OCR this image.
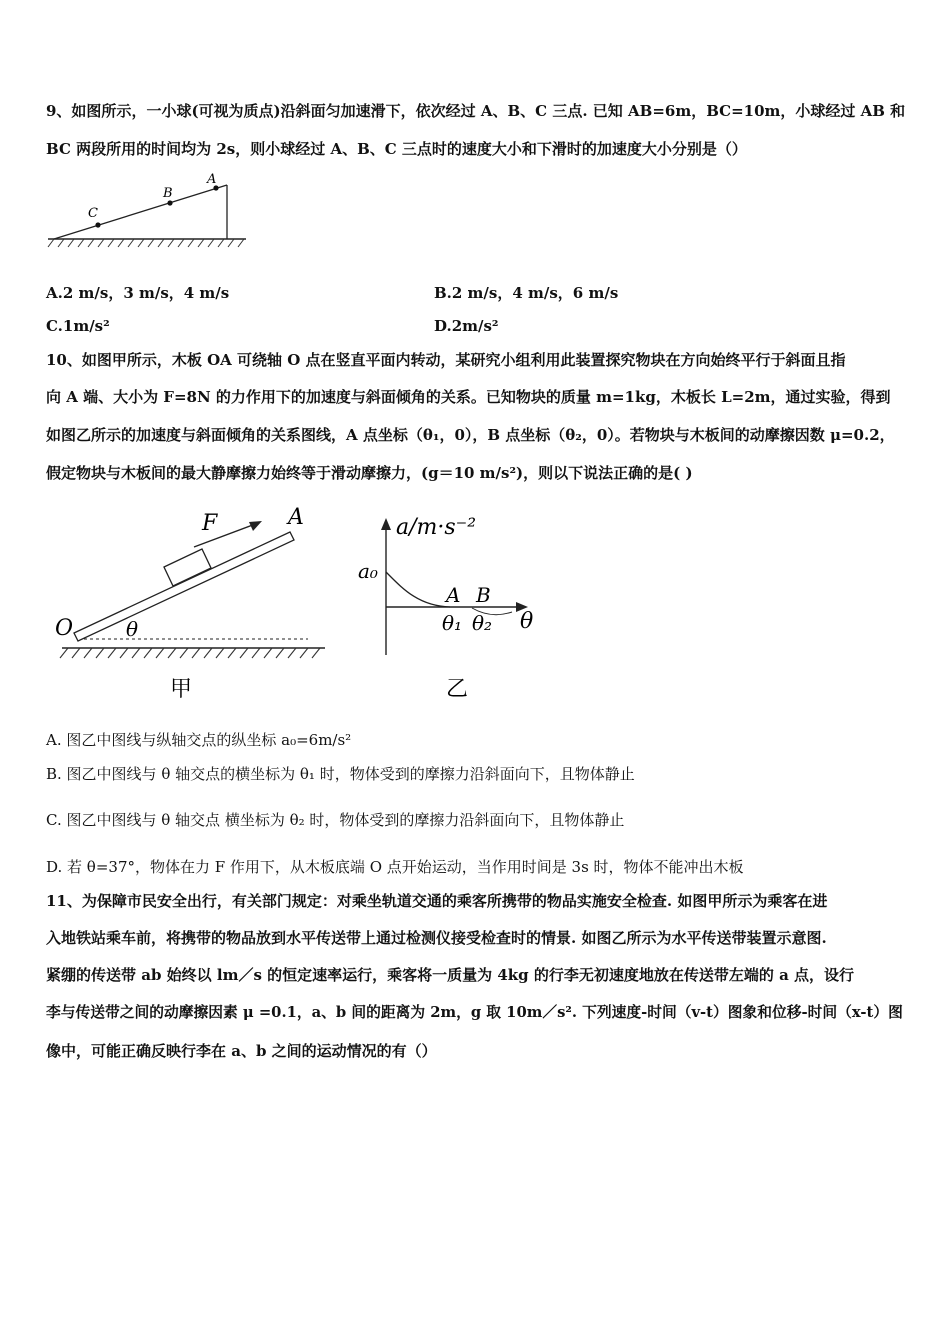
9、如图所示，一小球(可视为质点)沿斜面匀加速滑下，依次经过 A、B、C 三点. 已知 AB=6m，BC=10m，小球经过 AB 和
BC 两段所用的时间均为 2s，则小球经过 A、B、C 三点时的速度大小和下滑时的加速度大小分别是（）
C
B
A
A.2 m/s，3 m/s，4 m/s	B.2 m/s，4 m/s，6 m/s
C.1m/s²	D.2m/s²
10、如图甲所示，木板 OA 可绕轴 O 点在竖直平面内转动，某研究小组利用此装置探究物块在方向始终平行于斜面且指
向 A 端、大小为 F=8N 的力作用下的加速度与斜面倾角的关系。已知物块的质量 m=1kg，木板长 L=2m，通过实验，得到
如图乙所示的加速度与斜面倾角的关系图线，A 点坐标（θ₁，0），B 点坐标（θ₂，0）。若物块与木板间的动摩擦因数 μ=0.2，
假定物块与木板间的最大静摩擦力始终等于滑动摩擦力，(g＝10 m/s²)，则以下说法正确的是( )
F	A
O	θ
甲
a/m·s⁻²
a₀
A B
θ₁ θ₂ θ
乙
A. 图乙中图线与纵轴交点的纵坐标 a₀=6m/s²
B. 图乙中图线与 θ 轴交点的横坐标为 θ₁ 时，物体受到的摩擦力沿斜面向下，且物体静止
C. 图乙中图线与 θ 轴交点 横坐标为 θ₂ 时，物体受到的摩擦力沿斜面向下，且物体静止
D. 若 θ=37°，物体在力 F 作用下，从木板底端 O 点开始运动，当作用时间是 3s 时，物体不能冲出木板
11、为保障市民安全出行，有关部门规定：对乘坐轨道交通的乘客所携带的物品实施安全检查. 如图甲所示为乘客在进
入地铁站乘车前，将携带的物品放到水平传送带上通过检测仪接受检查时的情景. 如图乙所示为水平传送带装置示意图.
紧绷的传送带 ab 始终以 lm／s 的恒定速率运行，乘客将一质量为 4kg 的行李无初速度地放在传送带左端的 a 点，设行
李与传送带之间的动摩擦因素 μ =0.1，a、b 间的距离为 2m，g 取 10m／s². 下列速度-时间（v-t）图象和位移-时间（x-t）图
像中，可能正确反映行李在 a、b 之间的运动情况的有（）
